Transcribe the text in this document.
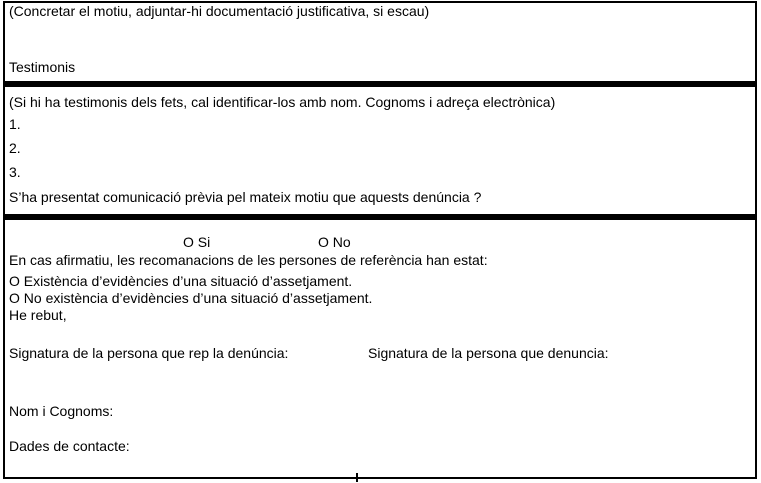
(Concretar el motiu, adjuntar-hi documentació justificativa, si escau)
Testimonis
(Si hi ha testimonis dels fets, cal identificar-los amb nom. Cognoms i adreça electrònica)
1.
2.
3.
S’ha presentat comunicació prèvia pel mateix motiu que aquests denúncia ?
O Si	O No
En cas afirmatiu, les recomanacions de les persones de referència han estat:
O Existència d’evidències d’una situació d’assetjament.
O No existència d’evidències d’una situació d’assetjament.
He rebut,
Signatura de la persona que rep la denúncia:	Signatura de la persona que denuncia:
Nom i Cognoms:
Dades de contacte:
